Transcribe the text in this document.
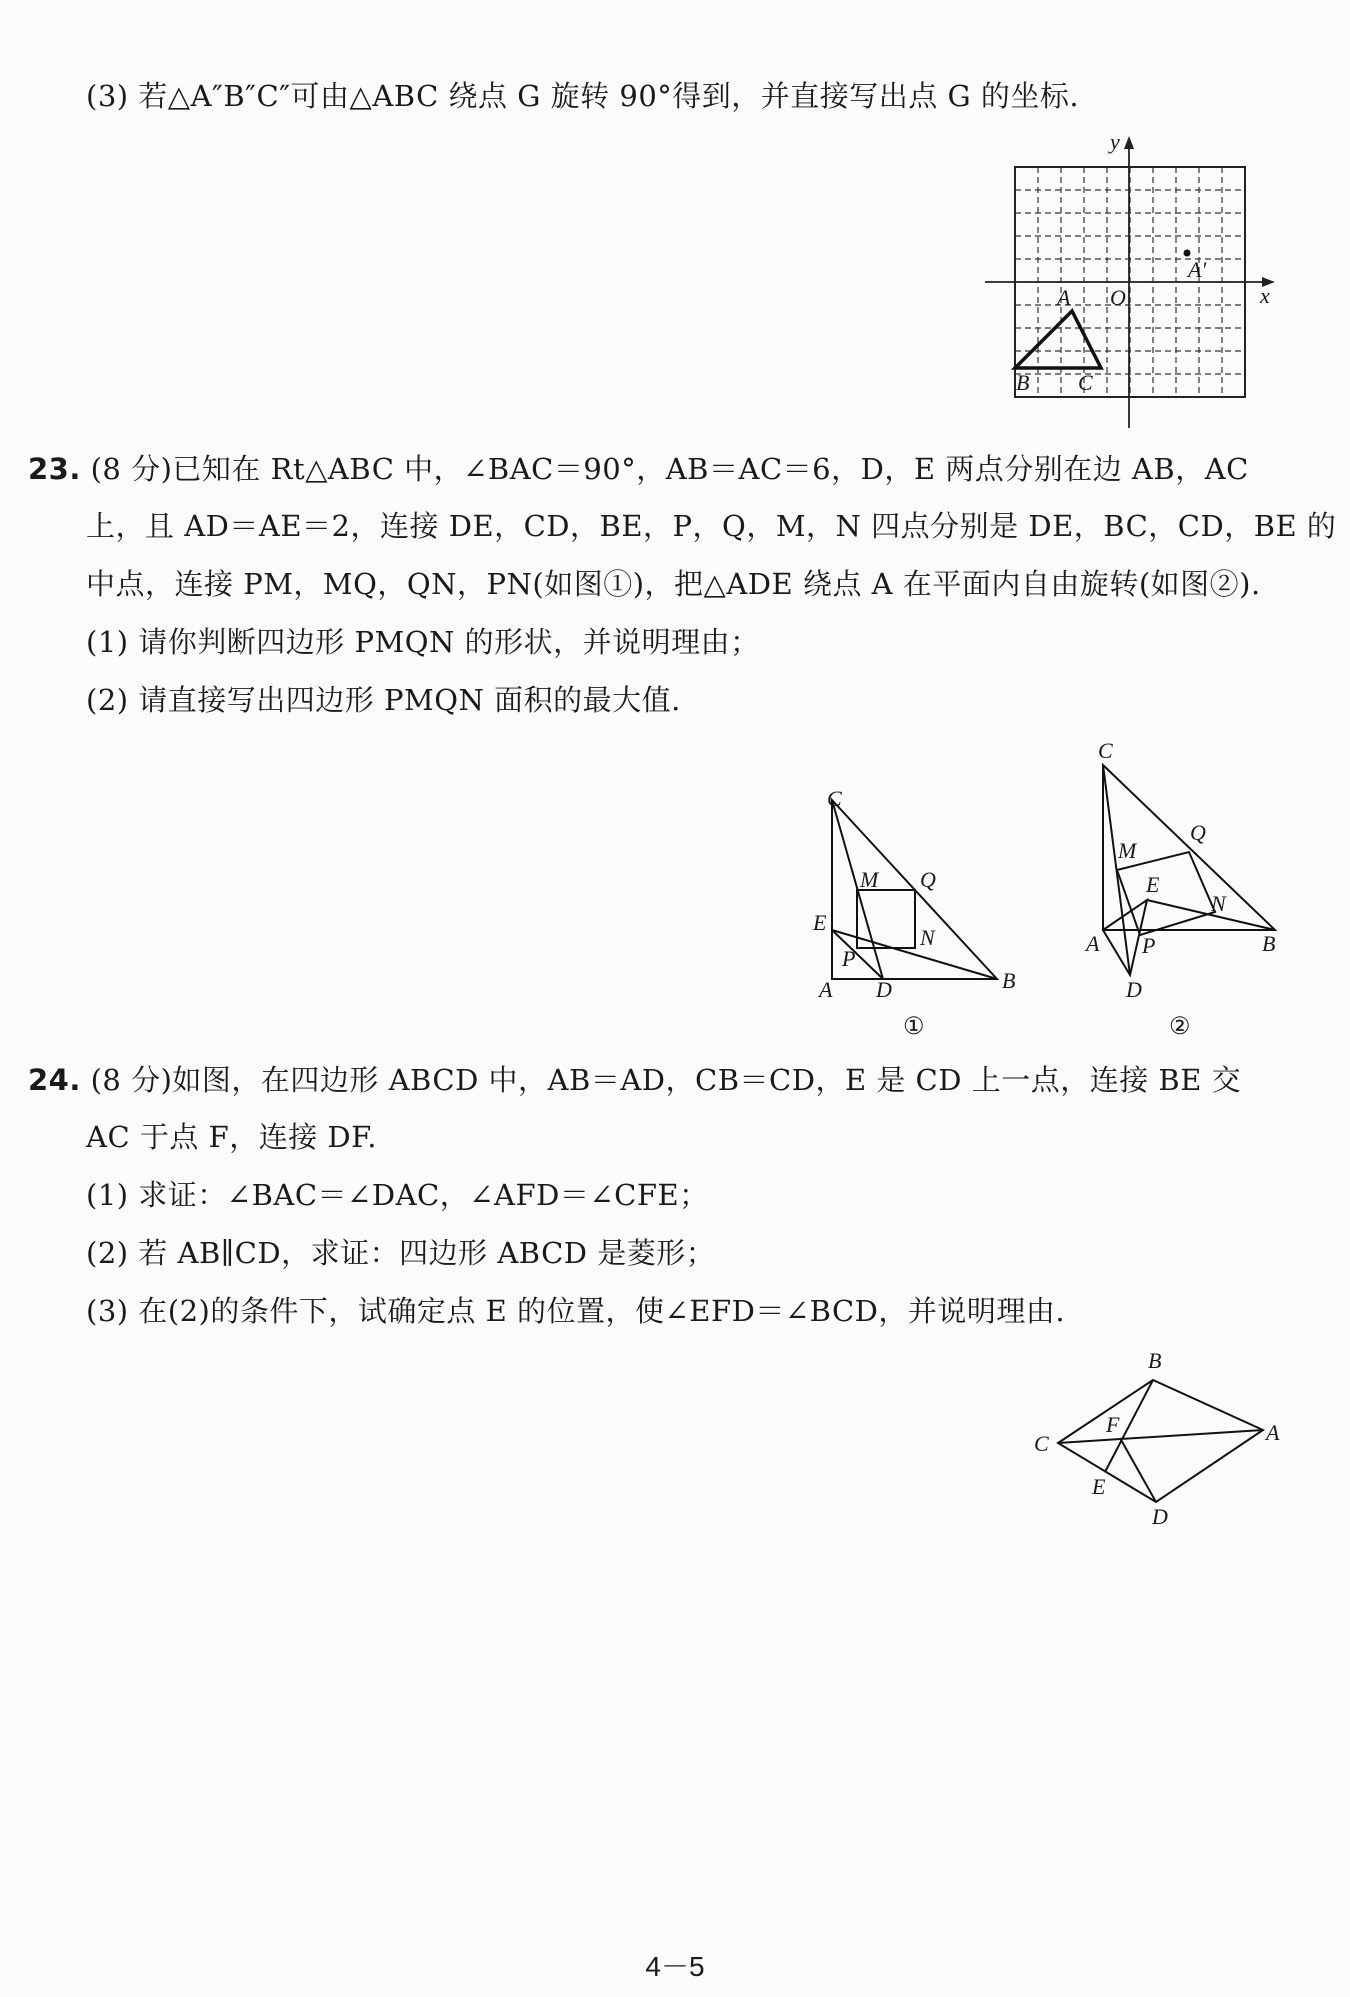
(3) 若△A″B″C″可由△ABC 绕点 G 旋转 90°得到，并直接写出点 G 的坐标.
y
x
O
A
A′
B C
23. (8 分)已知在 Rt△ABC 中，∠BAC＝90°，AB＝AC＝6，D，E 两点分别在边 AB，AC
上，且 AD＝AE＝2，连接 DE，CD，BE，P，Q，M，N 四点分别是 DE，BC，CD，BE 的
中点，连接 PM，MQ，QN，PN(如图①)，把△ADE 绕点 A 在平面内自由旋转(如图②).
(1) 请你判断四边形 PMQN 的形状，并说明理由；
(2) 请直接写出四边形 PMQN 面积的最大值.
C
M Q
E
N
P
A D	B
①
C
M
Q
E
N
A P	B
D
②
24. (8 分)如图，在四边形 ABCD 中，AB＝AD，CB＝CD，E 是 CD 上一点，连接 BE 交
AC 于点 F，连接 DF.
(1) 求证：∠BAC＝∠DAC，∠AFD＝∠CFE；
(2) 若 AB∥CD，求证：四边形 ABCD 是菱形；
(3) 在(2)的条件下，试确定点 E 的位置，使∠EFD＝∠BCD，并说明理由.
B
F	A
C
E
D
4－5
